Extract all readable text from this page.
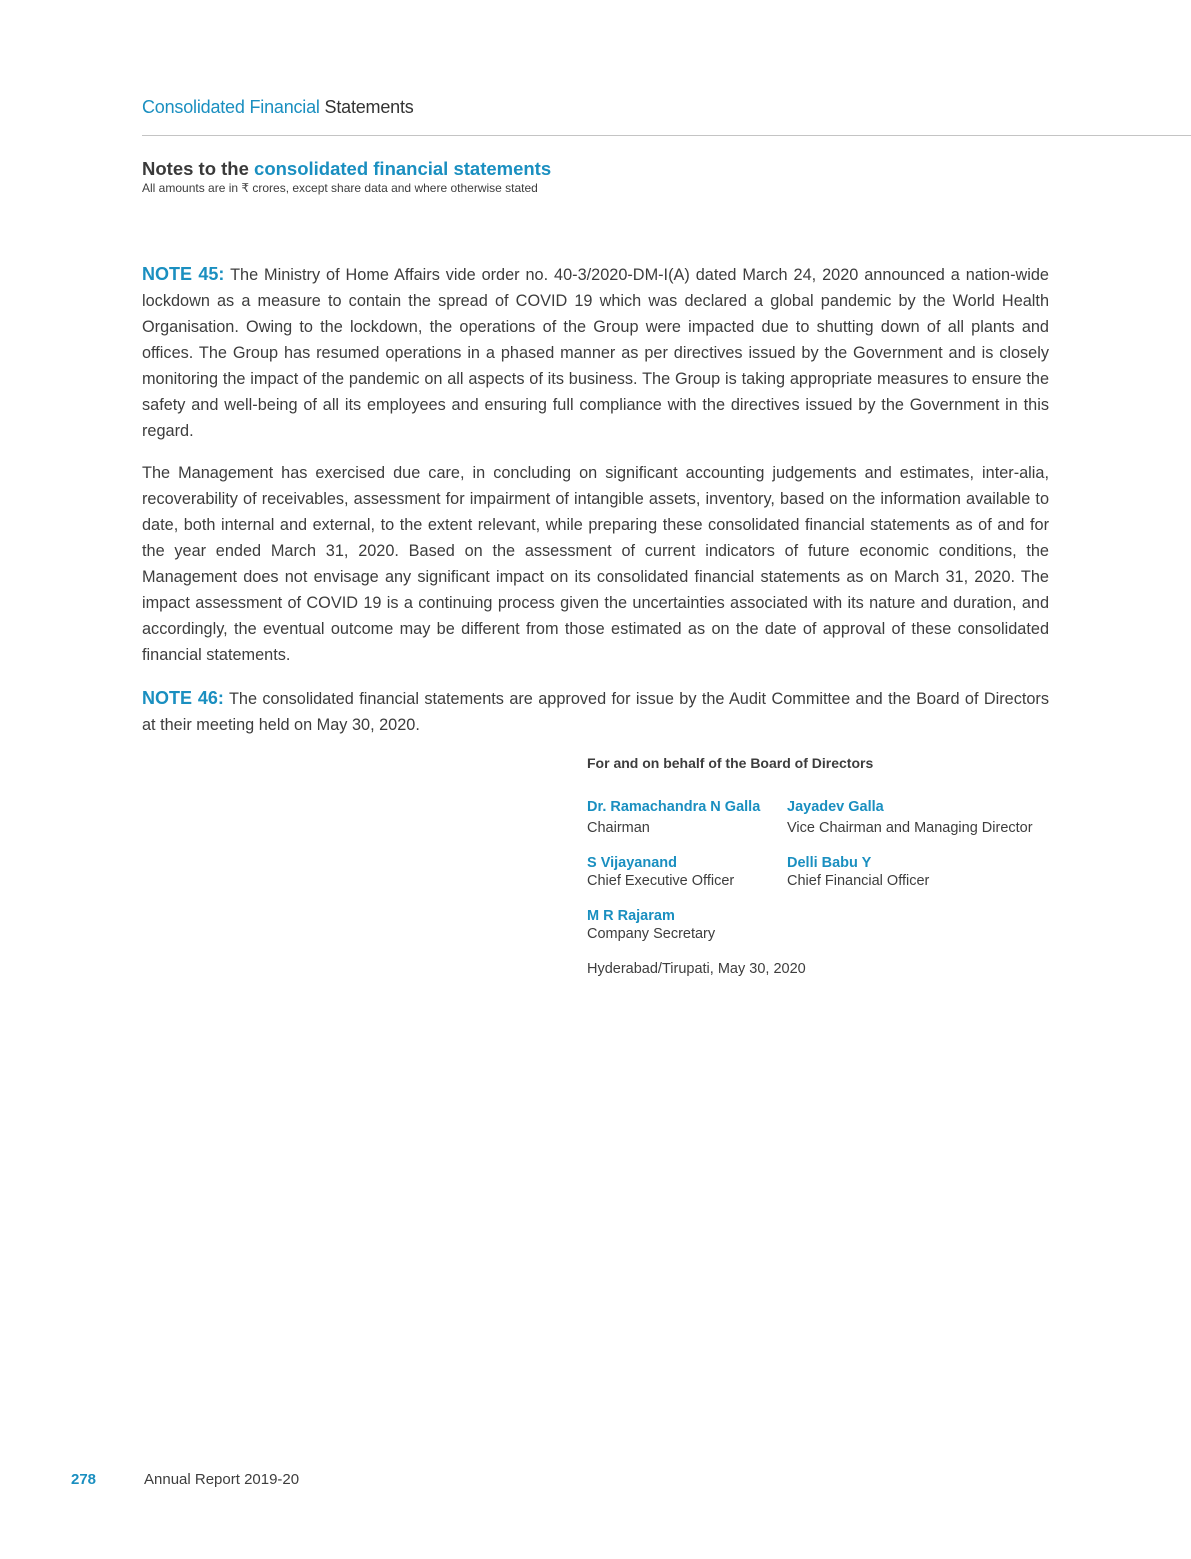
Consolidated Financial Statements
Notes to the consolidated financial statements
All amounts are in ₹ crores, except share data and where otherwise stated

NOTE 45: The Ministry of Home Affairs vide order no. 40-3/2020-DM-I(A) dated March 24, 2020 announced a nation-wide lockdown as a measure to contain the spread of COVID 19 which was declared a global pandemic by the World Health Organisation. Owing to the lockdown, the operations of the Group were impacted due to shutting down of all plants and offices. The Group has resumed operations in a phased manner as per directives issued by the Government and is closely monitoring the impact of the pandemic on all aspects of its business. The Group is taking appropriate measures to ensure the safety and well-being of all its employees and ensuring full compliance with the directives issued by the Government in this regard.

The Management has exercised due care, in concluding on significant accounting judgements and estimates, inter-alia, recoverability of receivables, assessment for impairment of intangible assets, inventory, based on the information available to date, both internal and external, to the extent relevant, while preparing these consolidated financial statements as of and for the year ended March 31, 2020. Based on the assessment of current indicators of future economic conditions, the Management does not envisage any significant impact on its consolidated financial statements as on March 31, 2020. The impact assessment of COVID 19 is a continuing process given the uncertainties associated with its nature and duration, and accordingly, the eventual outcome may be different from those estimated as on the date of approval of these consolidated financial statements.

NOTE 46: The consolidated financial statements are approved for issue by the Audit Committee and the Board of Directors at their meeting held on May 30, 2020.

For and on behalf of the Board of Directors
Dr. Ramachandra N Galla
Chairman
Jayadev Galla
Vice Chairman and Managing Director
S Vijayanand
Chief Executive Officer
Delli Babu Y
Chief Financial Officer
M R Rajaram
Company Secretary
Hyderabad/Tirupati, May 30, 2020
278	Annual Report 2019-20
